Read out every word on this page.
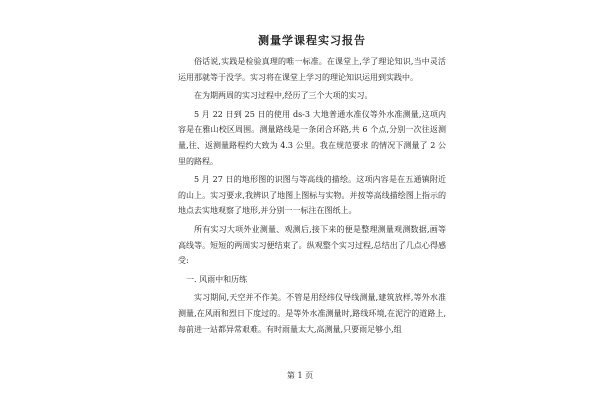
测量学课程实习报告

俗话说,实践是检验真理的唯一标准。在课堂上,学了理论知识,当中灵活运用那就等于没学。实习将在课堂上学习的理论知识运用到实践中。

在为期两周的实习过程中,经历了三个大项的实习。

5 月 22 日到 25 日的使用 ds-3 大地普通水准仪等外水准测量,这项内容是在雅山校区周围。测量路线是一条闭合环路,共 6 个点,分别一次往返测量,往、返测量路程约大致为 4.3 公里。我在规范要求 的情况下测量了 2 公里的路程。

5 月 27 日的地形图的识图与等高线的描绘。这项内容是在五通镇附近的山上。实习要求,我辨识了地图上图标与实物。并按等高线描绘图上指示的地点去实地观察了地形,并分别一一标注在图纸上。

所有实习大项外业测量、观测后,接下来的便是整理测量观测数据,画等高线等。短短的两周实习便结束了。纵观整个实习过程,总结出了几点心得感受:

一. 风雨中和历练

实习期间,天空并不作美。不管是用经纬仪导线测量,建筑放样,等外水准测量,在风雨和烈日下度过的。是等外水准测量时,路线环境,在泥泞的道路上,每前进一站都异常艰难。有时雨量太大,高测量,只要雨足够小,组

第 1 页
